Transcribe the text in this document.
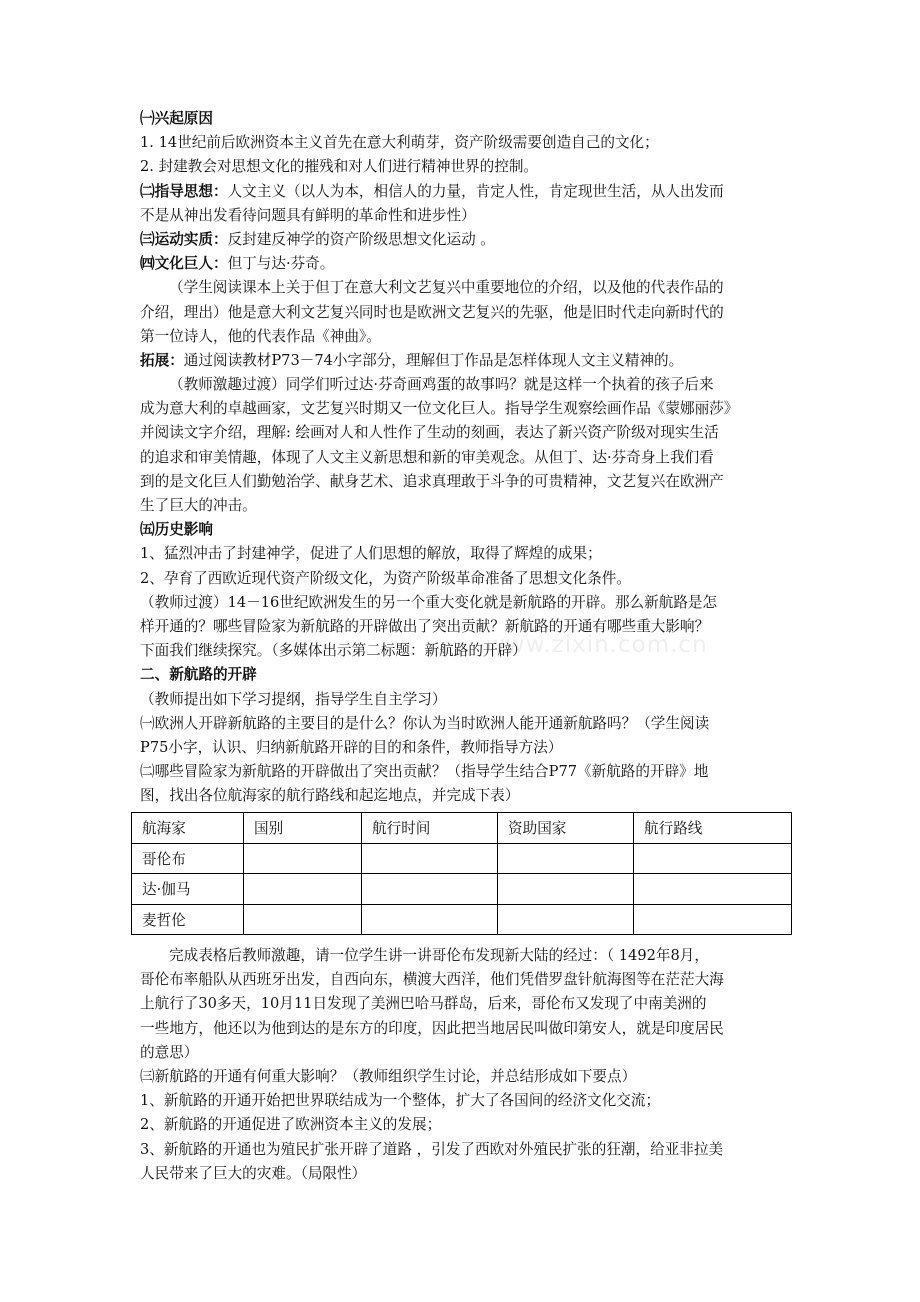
www.zixin.com.cn

㈠兴起原因

1. 14世纪前后欧洲资本主义首先在意大利萌芽，资产阶级需要创造自己的文化；

2. 封建教会对思想文化的摧残和对人们进行精神世界的控制。

㈡指导思想：人文主义（以人为本，相信人的力量，肯定人性，肯定现世生活，从人出发而

不是从神出发看待问题具有鲜明的革命性和进步性）

㈢运动实质：反封建反神学的资产阶级思想文化运动 。

㈣文化巨人：但丁与达·芬奇。

（学生阅读课本上关于但丁在意大利文艺复兴中重要地位的介绍，以及他的代表作品的

介绍，理出）他是意大利文艺复兴同时也是欧洲文艺复兴的先驱，他是旧时代走向新时代的

第一位诗人，他的代表作品《神曲》。

拓展：通过阅读教材P73－74小字部分，理解但丁作品是怎样体现人文主义精神的。

（教师激趣过渡）同学们听过达·芬奇画鸡蛋的故事吗？就是这样一个执着的孩子后来

成为意大利的卓越画家，文艺复兴时期又一位文化巨人。指导学生观察绘画作品《蒙娜丽莎》

并阅读文字介绍，理解: 绘画对人和人性作了生动的刻画，表达了新兴资产阶级对现实生活

的追求和审美情趣，体现了人文主义新思想和新的审美观念。从但丁、达·芬奇身上我们看

到的是文化巨人们勤勉治学、献身艺术、追求真理敢于斗争的可贵精神，文艺复兴在欧洲产

生了巨大的冲击。

㈤历史影响

1、猛烈冲击了封建神学，促进了人们思想的解放，取得了辉煌的成果；

2、孕育了西欧近现代资产阶级文化，为资产阶级革命准备了思想文化条件。

（教师过渡）14－16世纪欧洲发生的另一个重大变化就是新航路的开辟。那么新航路是怎

样开通的？哪些冒险家为新航路的开辟做出了突出贡献？新航路的开通有哪些重大影响？

下面我们继续探究。（多媒体出示第二标题：新航路的开辟）

二、新航路的开辟

（教师提出如下学习提纲，指导学生自主学习）

㈠欧洲人开辟新航路的主要目的是什么？你认为当时欧洲人能开通新航路吗？（学生阅读

P75小字，认识、归纳新航路开辟的目的和条件，教师指导方法）

㈡哪些冒险家为新航路的开辟做出了突出贡献？（指导学生结合P77《新航路的开辟》地

图，找出各位航海家的航行路线和起迄地点，并完成下表）

航海家	国别	航行时间	资助国家	航行路线
哥伦布				
达·伽马				
麦哲伦				

完成表格后教师激趣，请一位学生讲一讲哥伦布发现新大陆的经过：（ 1492年8月，

哥伦布率船队从西班牙出发，自西向东，横渡大西洋，他们凭借罗盘针航海图等在茫茫大海

上航行了30多天，10月11日发现了美洲巴哈马群岛，后来，哥伦布又发现了中南美洲的

一些地方，他还以为他到达的是东方的印度，因此把当地居民叫做印第安人，就是印度居民

的意思）

㈢新航路的开通有何重大影响？（教师组织学生讨论，并总结形成如下要点）

1、新航路的开通开始把世界联结成为一个整体，扩大了各国间的经济文化交流；

2、新航路的开通促进了欧洲资本主义的发展；

3、新航路的开通也为殖民扩张开辟了道路 ，引发了西欧对外殖民扩张的狂潮，给亚非拉美

人民带来了巨大的灾难。（局限性）
